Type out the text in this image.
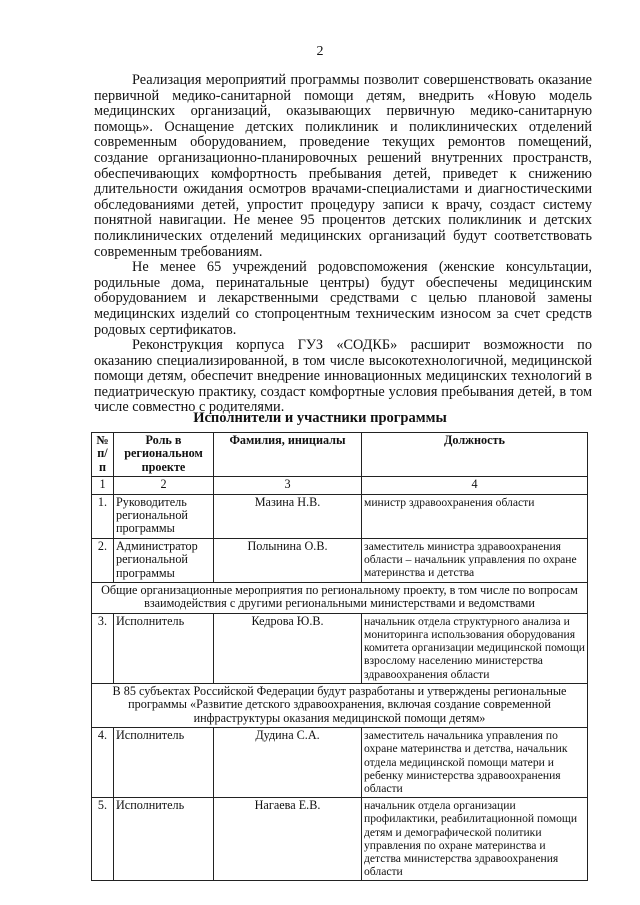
2

Реализация мероприятий программы позволит совершенствовать оказание первичной медико-санитарной помощи детям, внедрить «Новую модель медицинских организаций, оказывающих первичную медико-санитарную помощь». Оснащение детских поликлиник и поликлинических отделений современным оборудованием, проведение текущих ремонтов помещений, создание организационно-планировочных решений внутренних пространств, обеспечивающих комфортность пребывания детей, приведет к снижению длительности ожидания осмотров врачами-специалистами и диагностическими обследованиями детей, упростит процедуру записи к врачу, создаст систему понятной навигации. Не менее 95 процентов детских поликлиник и детских поликлинических отделений медицинских организаций будут соответствовать современным требованиям.

Не менее 65 учреждений родовспоможения (женские консультации, родильные дома, перинатальные центры) будут обеспечены медицинским оборудованием и лекарственными средствами с целью плановой замены медицинских изделий со стопроцентным техническим износом за счет средств родовых сертификатов.

Реконструкция корпуса ГУЗ «СОДКБ» расширит возможности по оказанию специализированной, в том числе высокотехнологичной, медицинской помощи детям, обеспечит внедрение инновационных медицинских технологий в педиатрическую практику, создаст комфортные условия пребывания детей, в том числе совместно с родителями.

Исполнители и участники программы
№ п/п	Роль в региональном проекте	Фамилия, инициалы	Должность
1	2	3	4
1.	Руководитель региональной программы	Мазина Н.В.	министр здравоохранения области
2.	Администратор региональной программы	Полынина О.В.	заместитель министра здравоохранения области – начальник управления по охране материнства и детства
Общие организационные мероприятия по региональному проекту, в том числе по вопросам взаимодействия с другими региональными министерствами и ведомствами			
3.	Исполнитель	Кедрова Ю.В.	начальник отдела структурного анализа и мониторинга использования оборудования комитета организации медицинской помощи взрослому населению министерства здравоохранения области
В 85 субъектах Российской Федерации будут разработаны и утверждены региональные программы «Развитие детского здравоохранения, включая создание современной инфраструктуры оказания медицинской помощи детям»			
4.	Исполнитель	Дудина С.А.	заместитель начальника управления по охране материнства и детства, начальник отдела медицинской помощи матери и ребенку министерства здравоохранения области
5.	Исполнитель	Нагаева Е.В.	начальник отдела организации профилактики, реабилитационной помощи детям и демографической политики управления по охране материнства и детства министерства здравоохранения области
